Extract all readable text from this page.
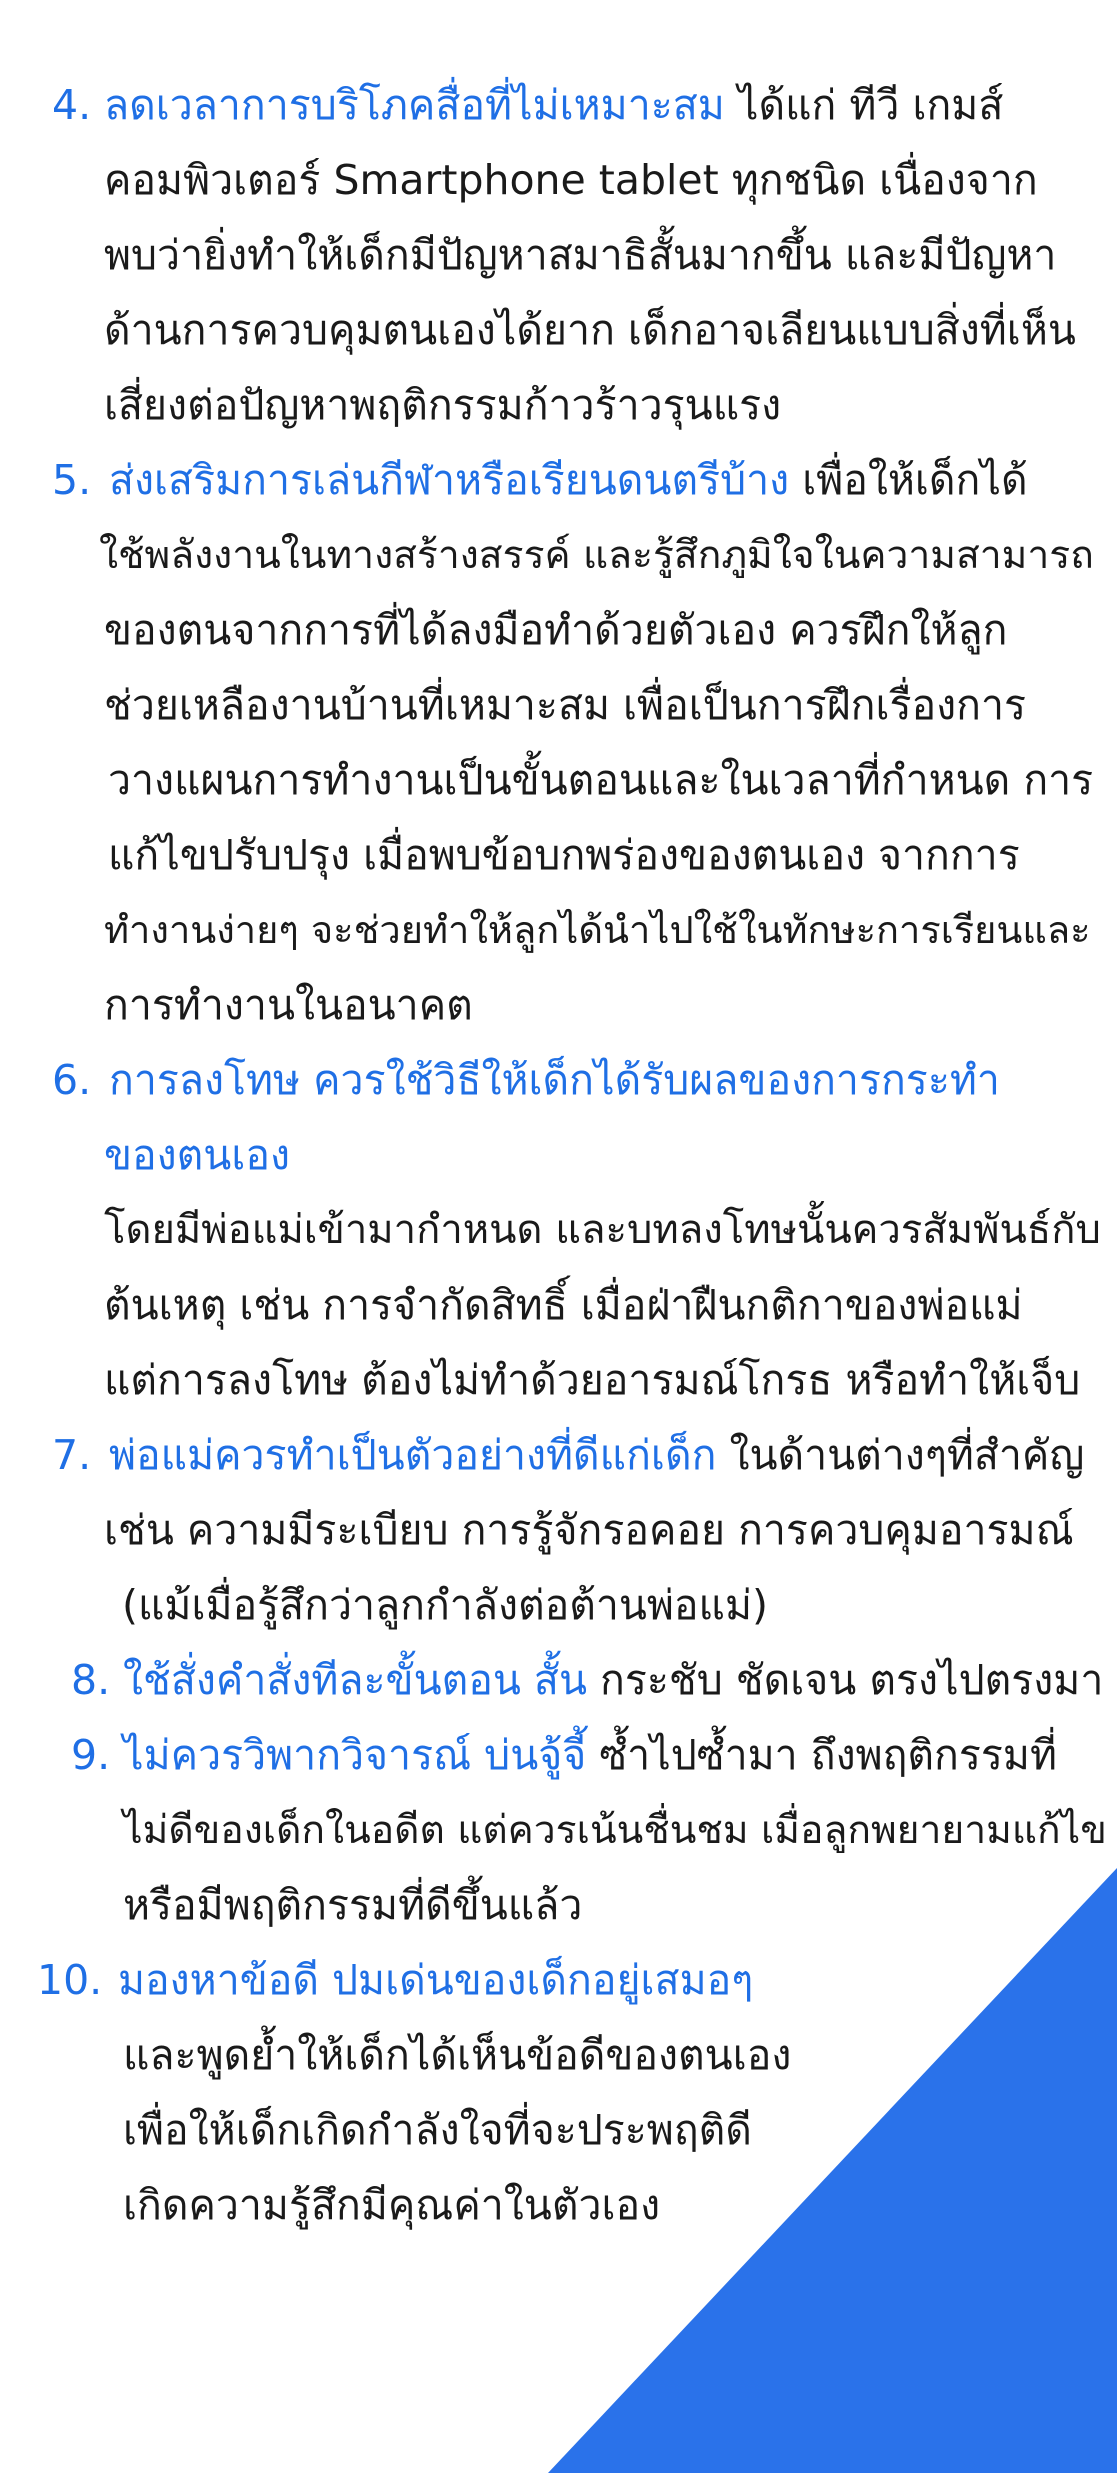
4. ลดเวลาการบริโภคสื่อที่ไม่เหมาะสม ได้แก่ ทีวี เกมส์
คอมพิวเตอร์ Smartphone tablet ทุกชนิด เนื่องจาก
พบว่ายิ่งทำให้เด็กมีปัญหาสมาธิสั้นมากขึ้น และมีปัญหา
ด้านการควบคุมตนเองได้ยาก เด็กอาจเลียนแบบสิ่งที่เห็น
เสี่ยงต่อปัญหาพฤติกรรมก้าวร้าวรุนแรง
5. ส่งเสริมการเล่นกีฬาหรือเรียนดนตรีบ้าง เพื่อให้เด็กได้
ใช้พลังงานในทางสร้างสรรค์ และรู้สึกภูมิใจในความสามารถ
ของตนจากการที่ได้ลงมือทำด้วยตัวเอง ควรฝึกให้ลูก
ช่วยเหลืองานบ้านที่เหมาะสม เพื่อเป็นการฝึกเรื่องการ
วางแผนการทำงานเป็นขั้นตอนและในเวลาที่กำหนด การ
แก้ไขปรับปรุง เมื่อพบข้อบกพร่องของตนเอง จากการ
ทำงานง่ายๆ จะช่วยทำให้ลูกได้นำไปใช้ในทักษะการเรียนและ
การทำงานในอนาคต
6. การลงโทษ ควรใช้วิธีให้เด็กได้รับผลของการกระทำ
ของตนเอง
โดยมีพ่อแม่เข้ามากำหนด และบทลงโทษนั้นควรสัมพันธ์กับ
ต้นเหตุ เช่น การจำกัดสิทธิ์ เมื่อฝ่าฝืนกติกาของพ่อแม่
แต่การลงโทษ ต้องไม่ทำด้วยอารมณ์โกรธ หรือทำให้เจ็บ
7. พ่อแม่ควรทำเป็นตัวอย่างที่ดีแก่เด็ก ในด้านต่างๆที่สำคัญ
เช่น ความมีระเบียบ การรู้จักรอคอย การควบคุมอารมณ์
(แม้เมื่อรู้สึกว่าลูกกำลังต่อต้านพ่อแม่)
8. ใช้สั่งคำสั่งทีละขั้นตอน สั้น กระชับ ชัดเจน ตรงไปตรงมา
9. ไม่ควรวิพากวิจารณ์ บ่นจู้จี้ ซ้ำไปซ้ำมา ถึงพฤติกรรมที่
ไม่ดีของเด็กในอดีต แต่ควรเน้นชื่นชม เมื่อลูกพยายามแก้ไข
หรือมีพฤติกรรมที่ดีขึ้นแล้ว
10. มองหาข้อดี ปมเด่นของเด็กอยู่เสมอๆ
และพูดย้ำให้เด็กได้เห็นข้อดีของตนเอง
เพื่อให้เด็กเกิดกำลังใจที่จะประพฤติดี
เกิดความรู้สึกมีคุณค่าในตัวเอง
